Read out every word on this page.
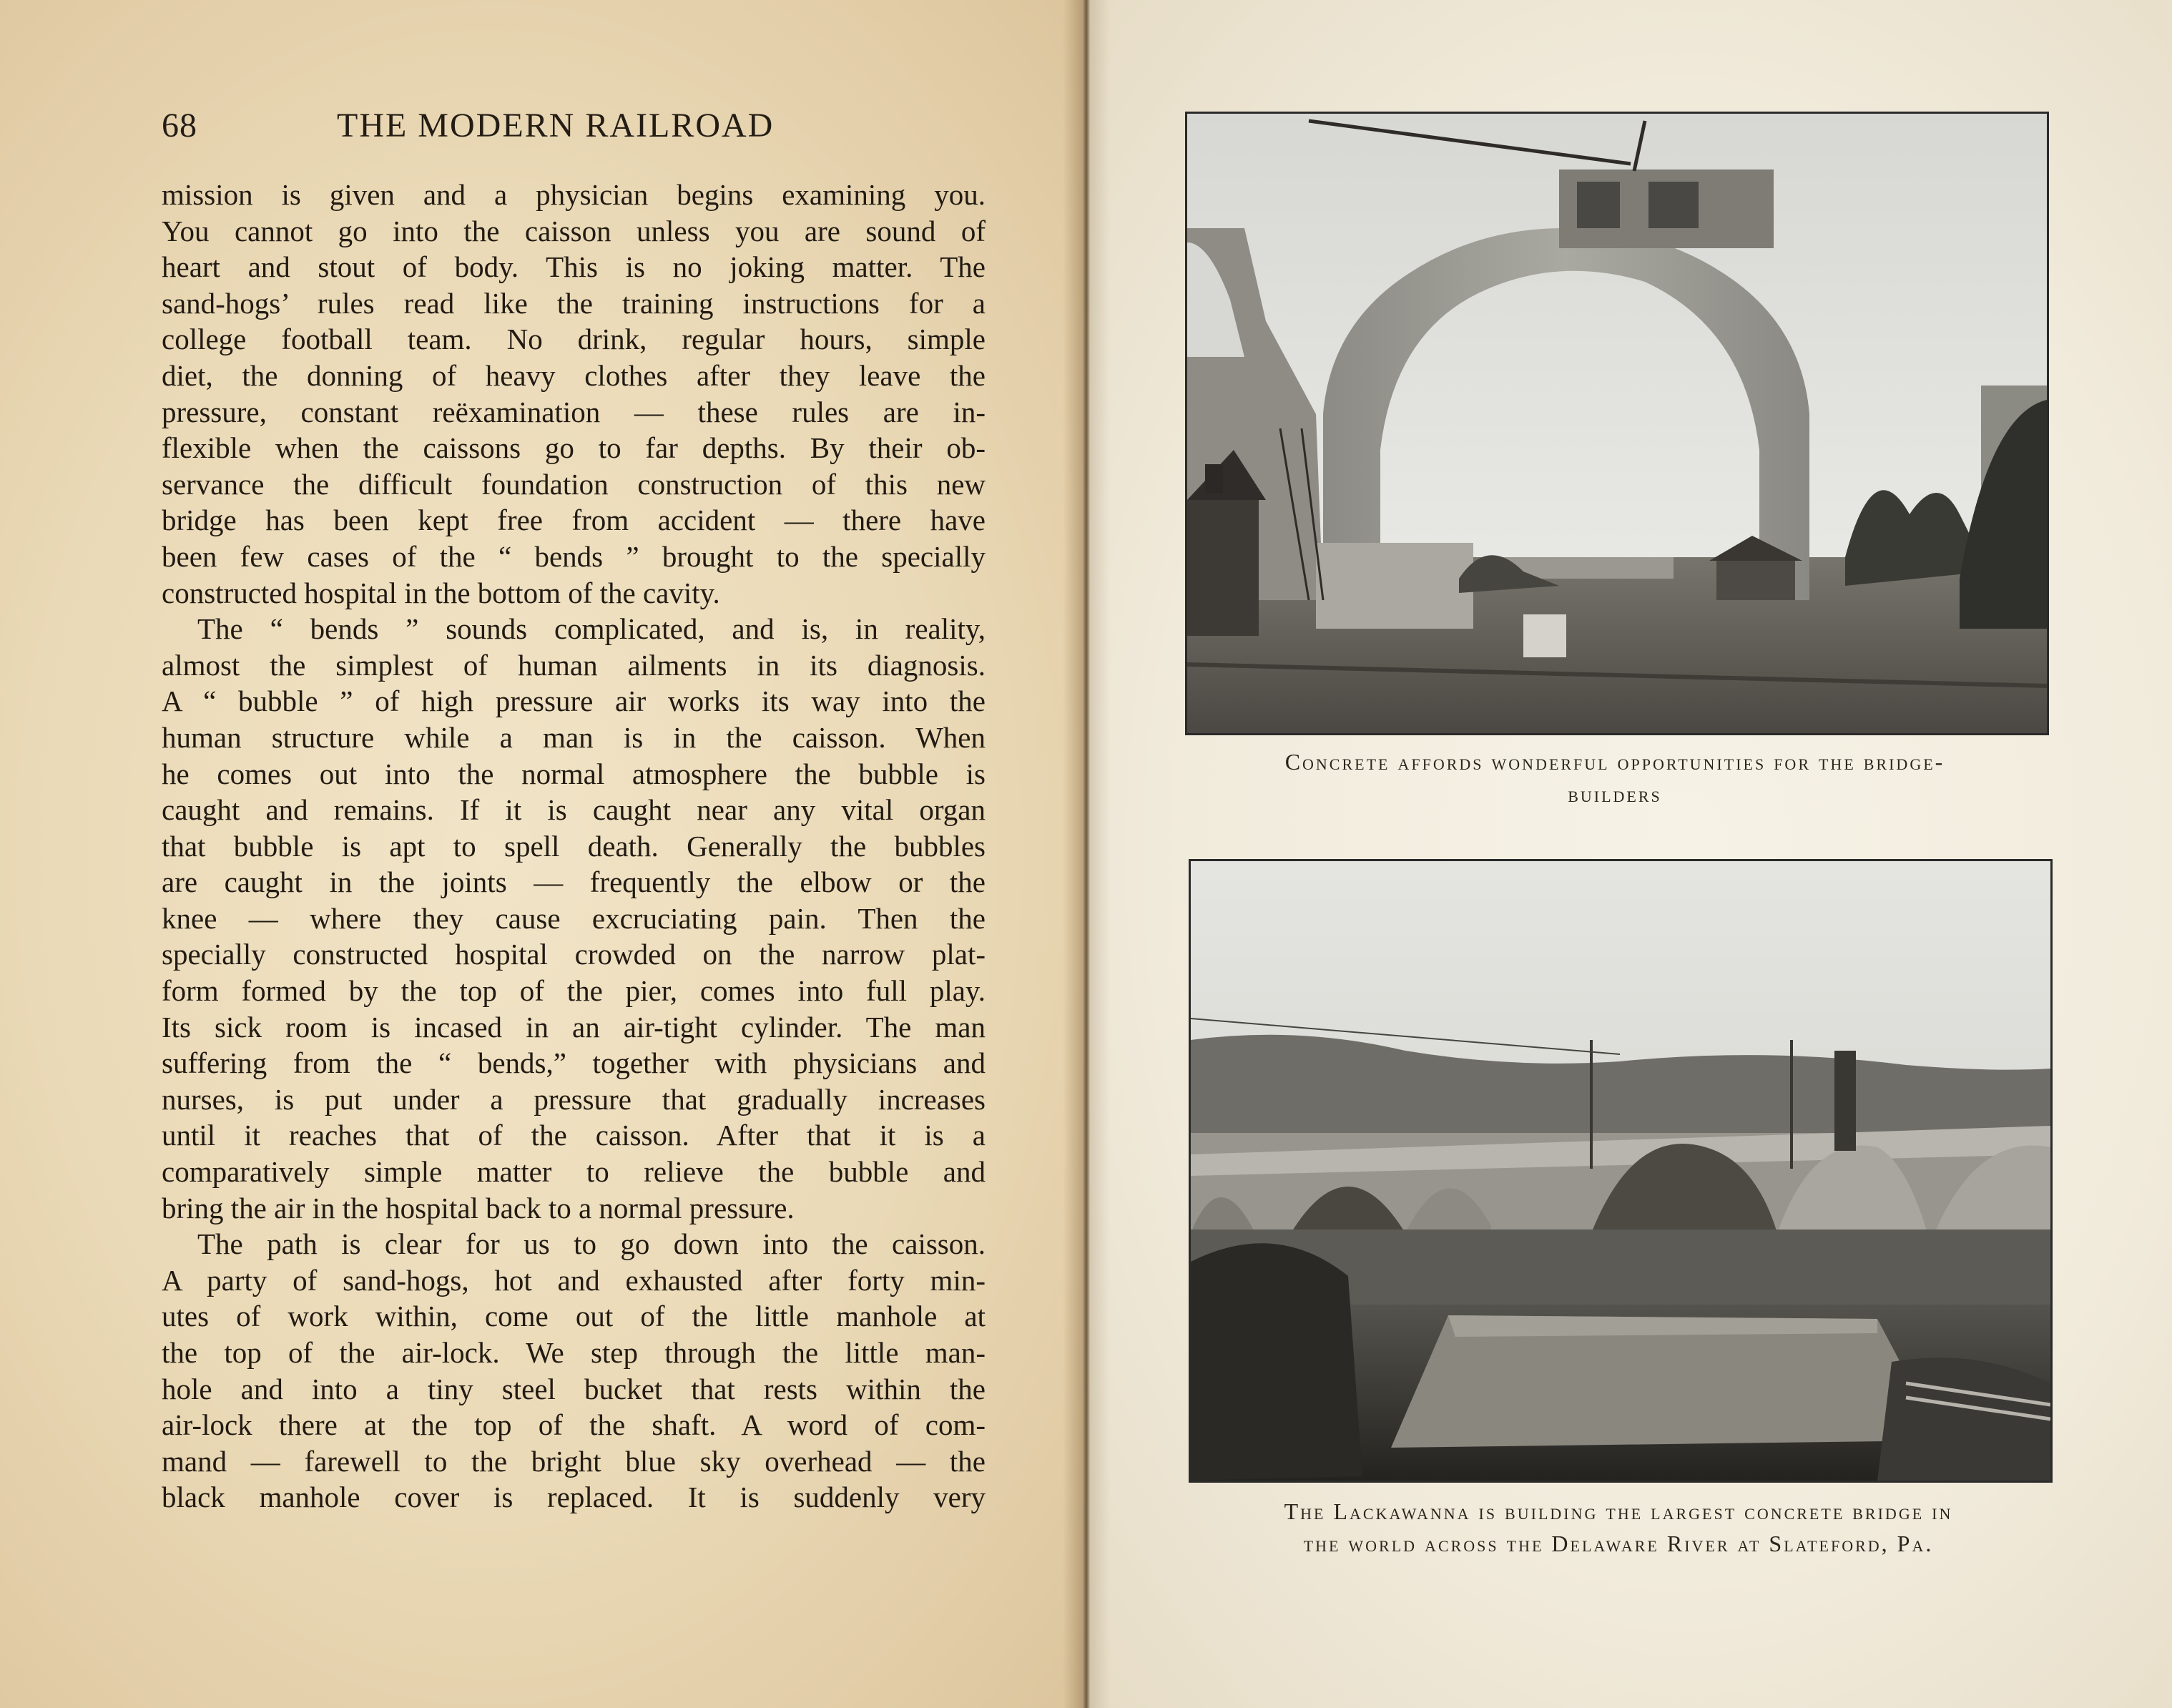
68	THE MODERN RAILROAD
mission is given and a physician begins examining you.
You cannot go into the caisson unless you are sound of
heart and stout of body. This is no joking matter. The
sand-hogs’ rules read like the training instructions for a
college football team. No drink, regular hours, simple
diet, the donning of heavy clothes after they leave the
pressure, constant reëxamination — these rules are in-
flexible when the caissons go to far depths. By their ob-
servance the difficult foundation construction of this new
bridge has been kept free from accident — there have
been few cases of the “ bends ” brought to the specially
constructed hospital in the bottom of the cavity.
The “ bends ” sounds complicated, and is, in reality,
almost the simplest of human ailments in its diagnosis.
A “ bubble ” of high pressure air works its way into the
human structure while a man is in the caisson. When
he comes out into the normal atmosphere the bubble is
caught and remains. If it is caught near any vital organ
that bubble is apt to spell death. Generally the bubbles
are caught in the joints — frequently the elbow or the
knee — where they cause excruciating pain. Then the
specially constructed hospital crowded on the narrow plat-
form formed by the top of the pier, comes into full play.
Its sick room is incased in an air-tight cylinder. The man
suffering from the “ bends,” together with physicians and
nurses, is put under a pressure that gradually increases
until it reaches that of the caisson. After that it is a
comparatively simple matter to relieve the bubble and
bring the air in the hospital back to a normal pressure.
The path is clear for us to go down into the caisson.
A party of sand-hogs, hot and exhausted after forty min-
utes of work within, come out of the little manhole at
the top of the air-lock. We step through the little man-
hole and into a tiny steel bucket that rests within the
air-lock there at the top of the shaft. A word of com-
mand — farewell to the bright blue sky overhead — the
black manhole cover is replaced. It is suddenly very
Concrete affords wonderful opportunities for the bridge-
builders
The Lackawanna is building the largest concrete bridge in
the world across the Delaware River at Slateford, Pa.
